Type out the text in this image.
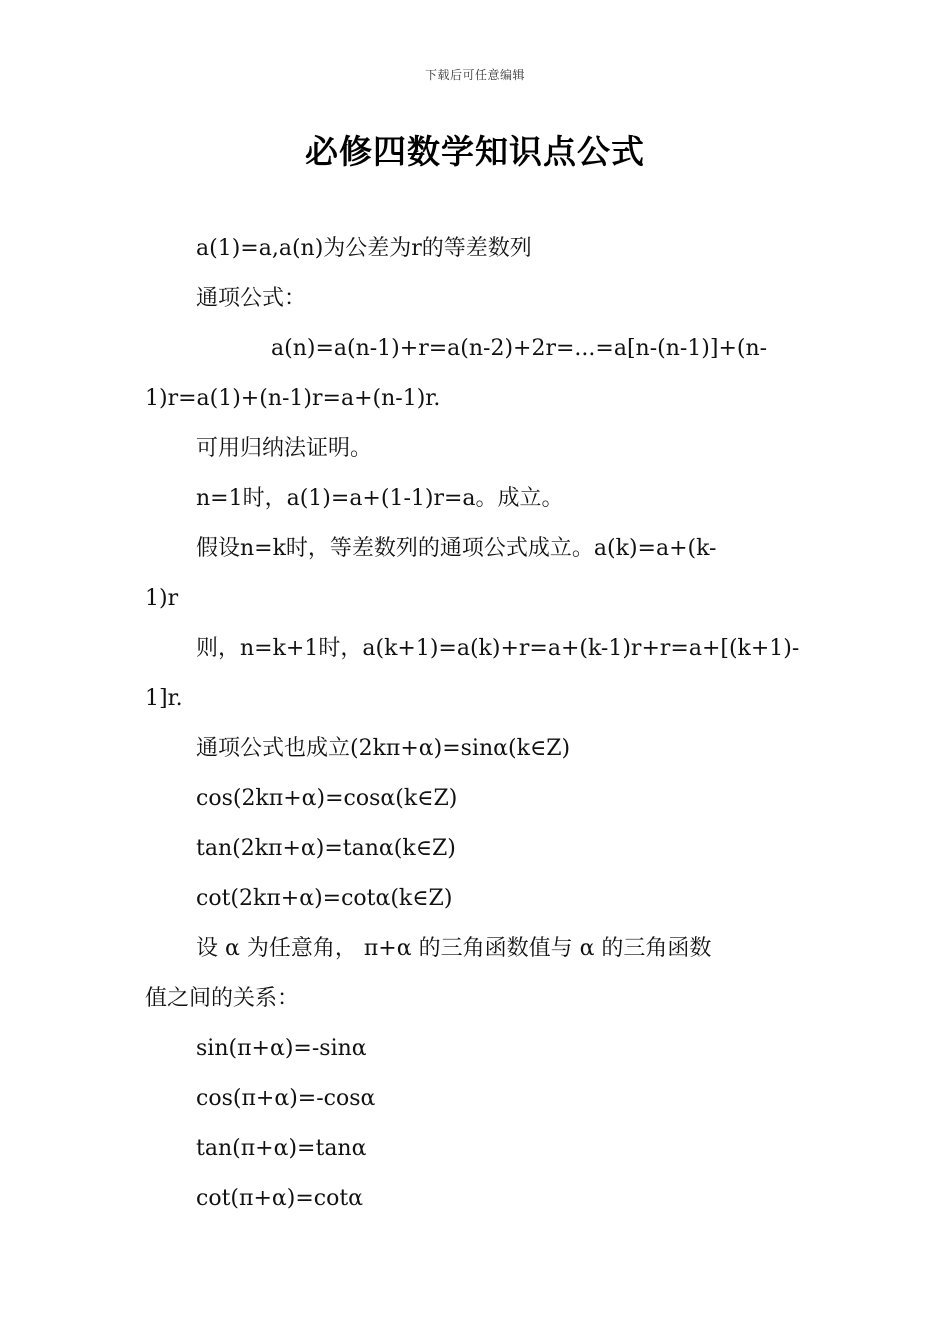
下载后可任意编辑
必修四数学知识点公式

a(1)=a,a(n)为公差为r的等差数列

通项公式：

a(n)=a(n-1)+r=a(n-2)+2r=...=a[n-(n-1)]+(n-

1)r=a(1)+(n-1)r=a+(n-1)r.

可用归纳法证明。

n=1时，a(1)=a+(1-1)r=a。成立。

假设n=k时，等差数列的通项公式成立。a(k)=a+(k-

1)r

则，n=k+1时，a(k+1)=a(k)+r=a+(k-1)r+r=a+[(k+1)-

1]r.

通项公式也成立(2kπ+α)=sinα(k∈Z)

cos(2kπ+α)=cosα(k∈Z)

tan(2kπ+α)=tanα(k∈Z)

cot(2kπ+α)=cotα(k∈Z)

设 α 为任意角， π+α 的三角函数值与 α 的三角函数

值之间的关系：

sin(π+α)=-sinα

cos(π+α)=-cosα

tan(π+α)=tanα

cot(π+α)=cotα
